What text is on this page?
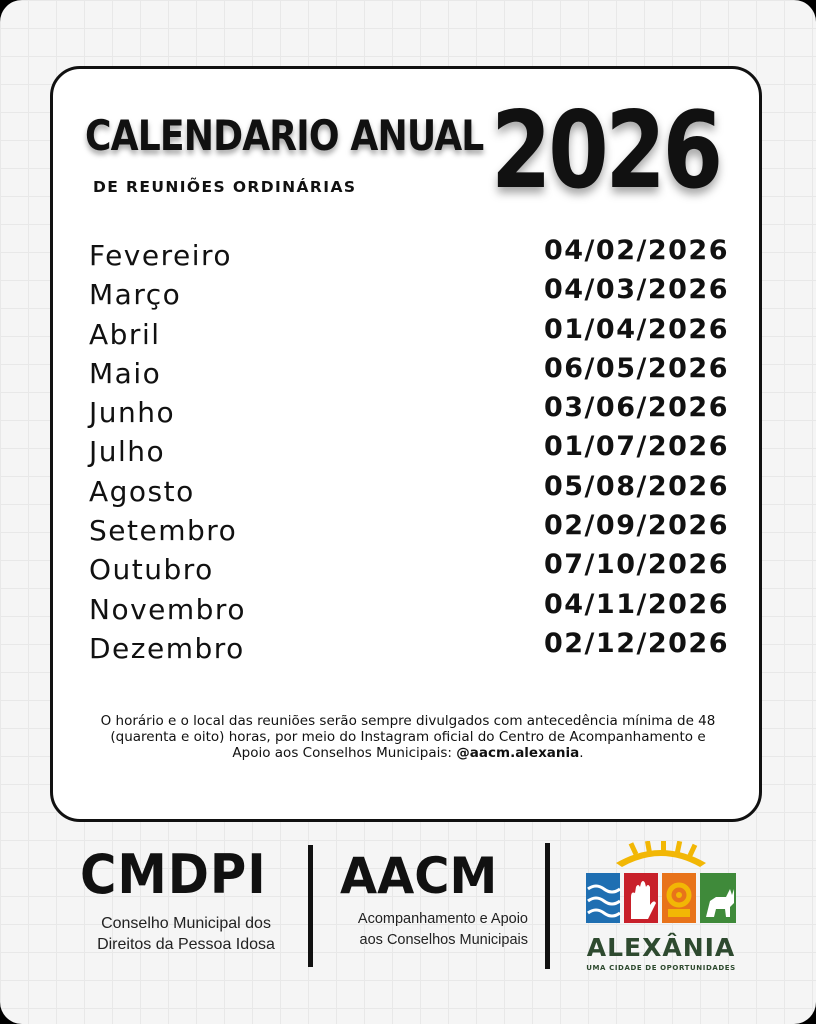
CALENDARIO ANUAL
DE REUNIÕES ORDINÁRIAS 2026
Fevereiro	04/02/2026
Março	04/03/2026
Abril	01/04/2026
Maio	06/05/2026
Junho	03/06/2026
Julho	01/07/2026
Agosto	05/08/2026
Setembro	02/09/2026
Outubro	07/10/2026
Novembro	04/11/2026
Dezembro	02/12/2026
O horário e o local das reuniões serão sempre divulgados com antecedência mínima de 48 (quarenta e oito) horas, por meio do Instagram oficial do Centro de Acompanhamento e Apoio aos Conselhos Municipais: @aacm.alexania.
CMDPI
Conselho Municipal dos Direitos da Pessoa Idosa
AACM
Acompanhamento e Apoio aos Conselhos Municipais	ALEXÂNIA
UMA CIDADE DE OPORTUNIDADES
